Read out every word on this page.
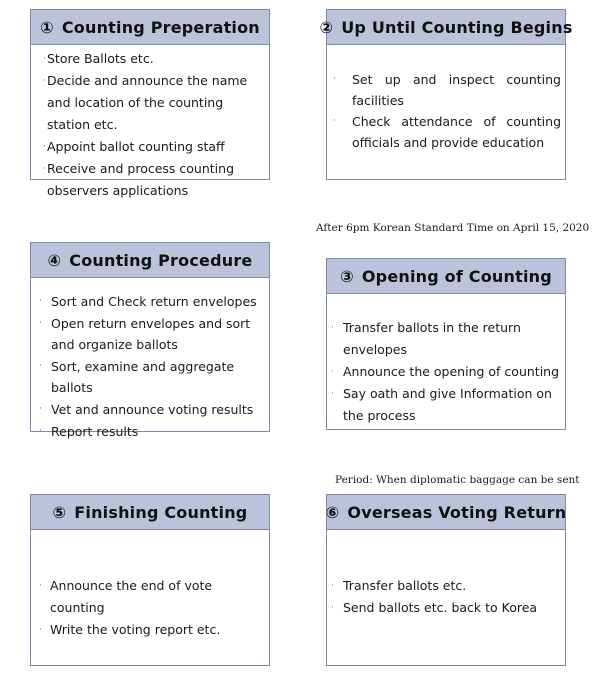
① Counting Preperation
· Store Ballots etc.
· Decide and announce the name and location of the counting station etc.
· Appoint ballot counting staff
· Receive and process counting observers applications
② Up Until Counting Begins
· Set up and inspect counting facilities
· Check attendance of counting officials and provide education
After 6pm Korean Standard Time on April 15, 2020
④ Counting Procedure
· Sort and Check return envelopes
· Open return envelopes and sort and organize ballots
· Sort, examine and aggregate ballots
· Vet and announce voting results
· Report results
③ Opening of Counting
· Transfer ballots in the return envelopes
· Announce the opening of counting
· Say oath and give Information on the process
Period: When diplomatic baggage can be sent
⑤ Finishing Counting
· Announce the end of vote counting
· Write the voting report etc.
⑥ Overseas Voting Return
· Transfer ballots etc.
· Send ballots etc. back to Korea
